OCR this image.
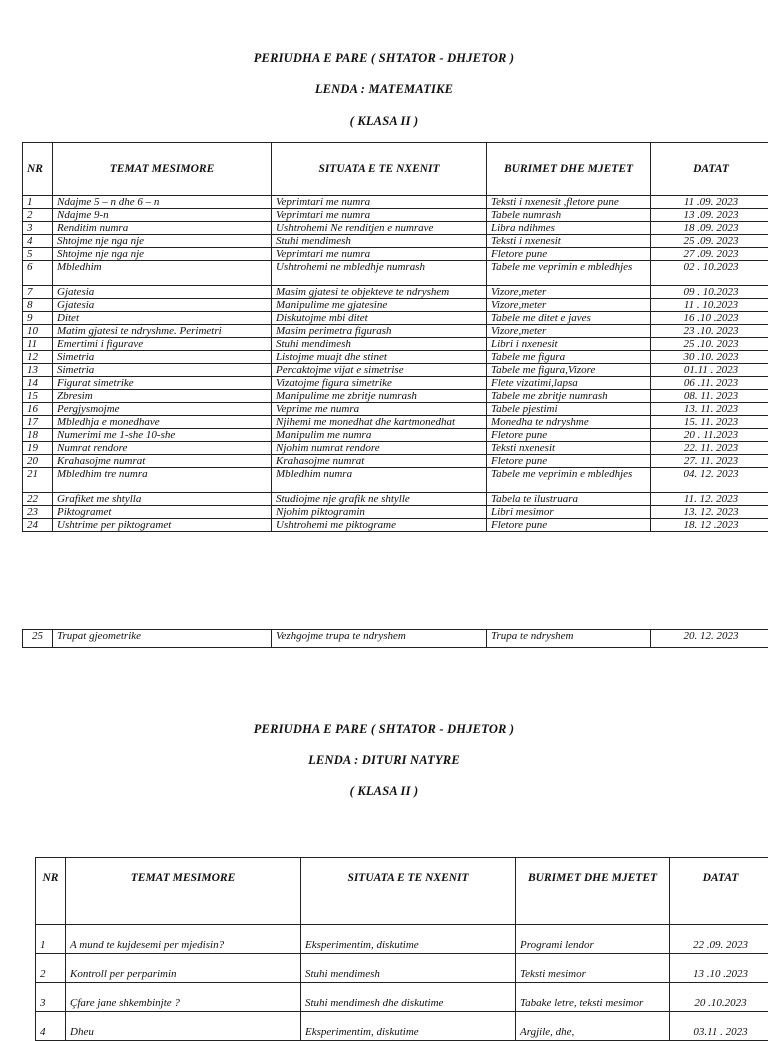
PERIUDHA E PARE ( SHTATOR - DHJETOR )
LENDA : MATEMATIKE
( KLASA II )
NR	TEMAT MESIMORE	SITUATA E TE NXENIT	BURIMET DHE MJETET	DATAT
1	Ndajme 5 – n dhe 6 – n	Veprimtari me numra	Teksti i nxenesit ,fletore pune	11 .09. 2023
2	Ndajme 9-n	Veprimtari me numra	Tabele numrash	13 .09. 2023
3	Renditim numra	Ushtrohemi Ne renditjen e numrave	Libra ndihmes	18 .09. 2023
4	Shtojme nje nga nje	Stuhi mendimesh	Teksti i nxenesit	25 .09. 2023
5	Shtojme nje nga nje	Veprimtari me numra	Fletore pune	27 .09. 2023
6	Mbledhim	Ushtrohemi ne mbledhje numrash	Tabele me veprimin e mbledhjes	02 . 10.2023
7	Gjatesia	Masim gjatesi te objekteve te ndryshem	Vizore,meter	09 . 10.2023
8	Gjatesia	Manipulime me gjatesine	Vizore,meter	11 . 10.2023
9	Ditet	Diskutojme mbi ditet	Tabele me ditet e javes	16 .10 .2023
10	Matim gjatesi te ndryshme. Perimetri	Masim perimetra figurash	Vizore,meter	23 .10. 2023
11	Emertimi i figurave	Stuhi mendimesh	Libri i nxenesit	25 .10. 2023
12	Simetria	Listojme muajt dhe stinet	Tabele me figura	30 .10. 2023
13	Simetria	Percaktojme vijat e simetrise	Tabele me figura,Vizore	01.11 . 2023
14	Figurat simetrike	Vizatojme figura simetrike	Flete vizatimi,lapsa	06 .11. 2023
15	Zbresim	Manipulime me zbritje numrash	Tabele me zbritje numrash	08. 11. 2023
16	Pergjysmojme	Veprime me numra	Tabele pjestimi	13. 11. 2023
17	Mbledhja e monedhave	Njihemi me monedhat dhe kartmonedhat	Monedha te ndryshme	15. 11. 2023
18	Numerimi me 1-she 10-she	Manipulim me numra	Fletore pune	20 . 11.2023
19	Numrat rendore	Njohim numrat rendore	Teksti nxenesit	22. 11. 2023
20	Krahasojme numrat	Krahasojme numrat	Fletore pune	27. 11. 2023
21	Mbledhim tre numra	Mbledhim numra	Tabele me veprimin e mbledhjes	04. 12. 2023
22	Grafiket me shtylla	Studiojme nje grafik ne shtylle	Tabela te ilustruara	11. 12. 2023
23	Piktogramet	Njohim piktogramin	Libri mesimor	13. 12. 2023
24	Ushtrime per piktogramet	Ushtrohemi me piktograme	Fletore pune	18. 12 .2023
25	Trupat gjeometrike	Vezhgojme trupa te ndryshem	Trupa te ndryshem	20. 12. 2023
PERIUDHA E PARE ( SHTATOR - DHJETOR )
LENDA : DITURI NATYRE
( KLASA II )
NR	TEMAT MESIMORE	SITUATA E TE NXENIT	BURIMET DHE MJETET	DATAT
1	A mund te kujdesemi per mjedisin?	Eksperimentim, diskutime	Programi lendor	22 .09. 2023
2	Kontroll per perparimin	Stuhi mendimesh	Teksti mesimor	13 .10 .2023
3	Çfare jane shkembinjte ?	Stuhi mendimesh dhe diskutime	Tabake letre, teksti mesimor	20 .10.2023
4	Dheu	Eksperimentim, diskutime	Argjile, dhe,	03.11 . 2023
